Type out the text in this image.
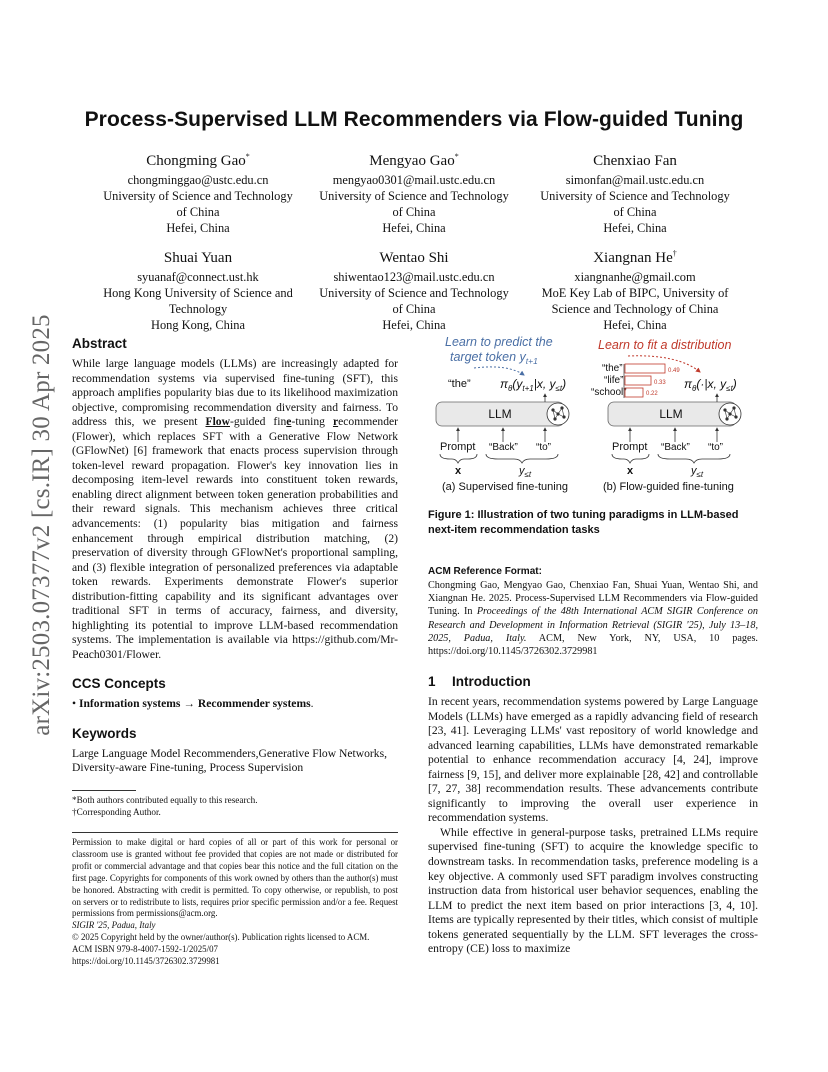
arXiv:2503.07377v2 [cs.IR] 30 Apr 2025
Process-Supervised LLM Recommenders via Flow-guided Tuning
Chongming Gao*
chongminggao@ustc.edu.cn
University of Science and Technology
of China
Hefei, China
Mengyao Gao*
mengyao0301@mail.ustc.edu.cn
University of Science and Technology
of China
Hefei, China
Chenxiao Fan
simonfan@mail.ustc.edu.cn
University of Science and Technology
of China
Hefei, China
Shuai Yuan
syuanaf@connect.ust.hk
Hong Kong University of Science and
Technology
Hong Kong, China
Wentao Shi
shiwentao123@mail.ustc.edu.cn
University of Science and Technology
of China
Hefei, China
Xiangnan He†
xiangnanhe@gmail.com
MoE Key Lab of BIPC, University of
Science and Technology of China
Hefei, China
Abstract
While large language models (LLMs) are increasingly adapted for recommendation systems via supervised fine-tuning (SFT), this approach amplifies popularity bias due to its likelihood maximization objective, compromising recommendation diversity and fairness. To address this, we present Flow-guided fine-tuning recommender (Flower), which replaces SFT with a Generative Flow Network (GFlowNet) [6] framework that enacts process supervision through token-level reward propagation. Flower's key innovation lies in decomposing item-level rewards into constituent token rewards, enabling direct alignment between token generation probabilities and their reward signals. This mechanism achieves three critical advancements: (1) popularity bias mitigation and fairness enhancement through empirical distribution matching, (2) preservation of diversity through GFlowNet's proportional sampling, and (3) flexible integration of personalized preferences via adaptable token rewards. Experiments demonstrate Flower's superior distribution-fitting capability and its significant advantages over traditional SFT in terms of accuracy, fairness, and diversity, highlighting its potential to improve LLM-based recommendation systems. The implementation is available via https://github.com/Mr-Peach0301/Flower.
CCS Concepts
• Information systems → Recommender systems.
Keywords
Large Language Model Recommenders,Generative Flow Networks, Diversity-aware Fine-tuning, Process Supervision
*Both authors contributed equally to this research.
†Corresponding Author.
Permission to make digital or hard copies of all or part of this work for personal or classroom use is granted without fee provided that copies are not made or distributed for profit or commercial advantage and that copies bear this notice and the full citation on the first page. Copyrights for components of this work owned by others than the author(s) must be honored. Abstracting with credit is permitted. To copy otherwise, or republish, to post on servers or to redistribute to lists, requires prior specific permission and/or a fee. Request permissions from permissions@acm.org.
SIGIR '25, Padua, Italy
© 2025 Copyright held by the owner/author(s). Publication rights licensed to ACM.
ACM ISBN 979-8-4007-1592-1/2025/07
https://doi.org/10.1145/3726302.3729981
Learn to predict the
target token $y_{t+1}$
“the” $\pi_\theta(y_{t+1}|x$, $y_{\le t}$)
LLM
Prompt “Back” “to”
x	$y_{\le t}$
(a) Supervised fine-tuning
Learn to fit a distribution
“the”
“life”
“school”
0.49
0.33
0.22
$\pi_\theta(\cdot|x$, $y_{\le t}$)
LLM
Prompt “Back” “to”
x	$y_{\le t}$
(b) Flow-guided fine-tuning
Figure 1: Illustration of two tuning paradigms in LLM-based next-item recommendation tasks
ACM Reference Format:
Chongming Gao, Mengyao Gao, Chenxiao Fan, Shuai Yuan, Wentao Shi, and Xiangnan He. 2025. Process-Supervised LLM Recommenders via Flow-guided Tuning. In Proceedings of the 48th International ACM SIGIR Conference on Research and Development in Information Retrieval (SIGIR '25), July 13–18, 2025, Padua, Italy. ACM, New York, NY, USA, 10 pages. https://doi.org/10.1145/3726302.3729981
1 Introduction

In recent years, recommendation systems powered by Large Language Models (LLMs) have emerged as a rapidly advancing field of research [23, 41]. Leveraging LLMs' vast repository of world knowledge and advanced learning capabilities, LLMs have demonstrated remarkable potential to enhance recommendation accuracy [4, 24], improve fairness [9, 15], and deliver more explainable [28, 42] and controllable [7, 27, 38] recommendation results. These advancements contribute significantly to improving the overall user experience in recommendation systems.

While effective in general-purpose tasks, pretrained LLMs require supervised fine-tuning (SFT) to acquire the knowledge specific to downstream tasks. In recommendation tasks, preference modeling is a key objective. A commonly used SFT paradigm involves constructing instruction data from historical user behavior sequences, enabling the LLM to predict the next item based on prior interactions [3, 4, 10]. Items are typically represented by their titles, which consist of multiple tokens generated sequentially by the LLM. SFT leverages the cross-entropy (CE) loss to maximize
